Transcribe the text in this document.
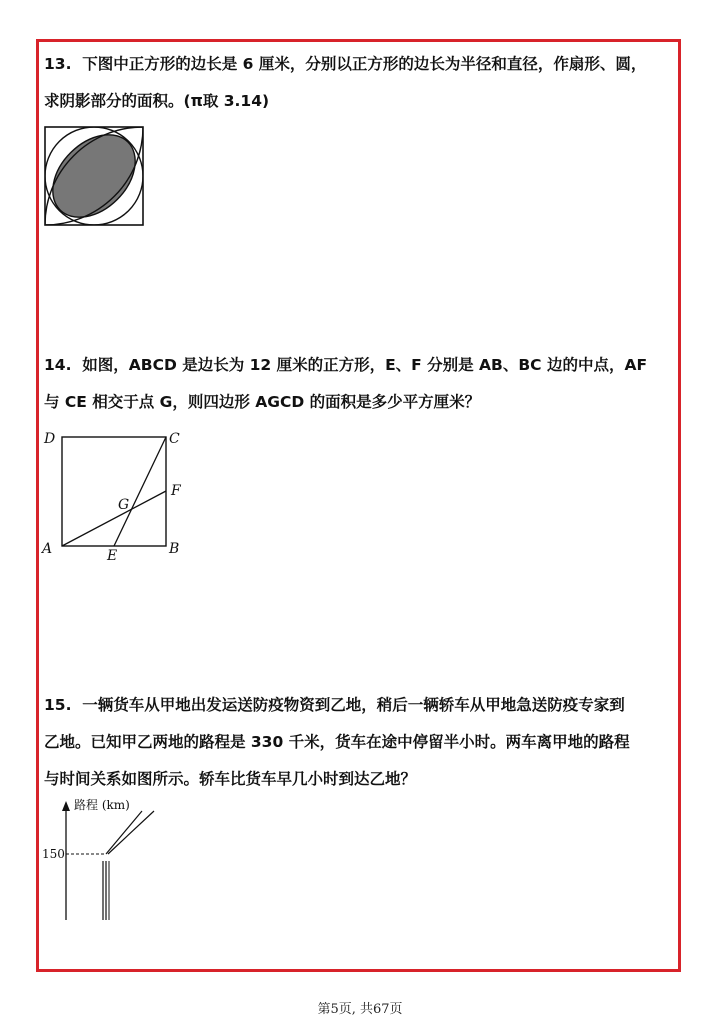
13. 下图中正方形的边长是 6 厘米，分别以正方形的边长为半径和直径，作扇形、圆，

求阴影部分的面积。(π取 3.14)

14. 如图，ABCD 是边长为 12 厘米的正方形，E、F 分别是 AB、BC 边的中点，AF

与 CE 相交于点 G，则四边形 AGCD 的面积是多少平方厘米？

D	C
F
G
A	B
E

15. 一辆货车从甲地出发运送防疫物资到乙地，稍后一辆轿车从甲地急送防疫专家到

乙地。已知甲乙两地的路程是 330 千米，货车在途中停留半小时。两车离甲地的路程

与时间关系如图所示。轿车比货车早几小时到达乙地？

路程 (km)
150
第5页, 共67页
